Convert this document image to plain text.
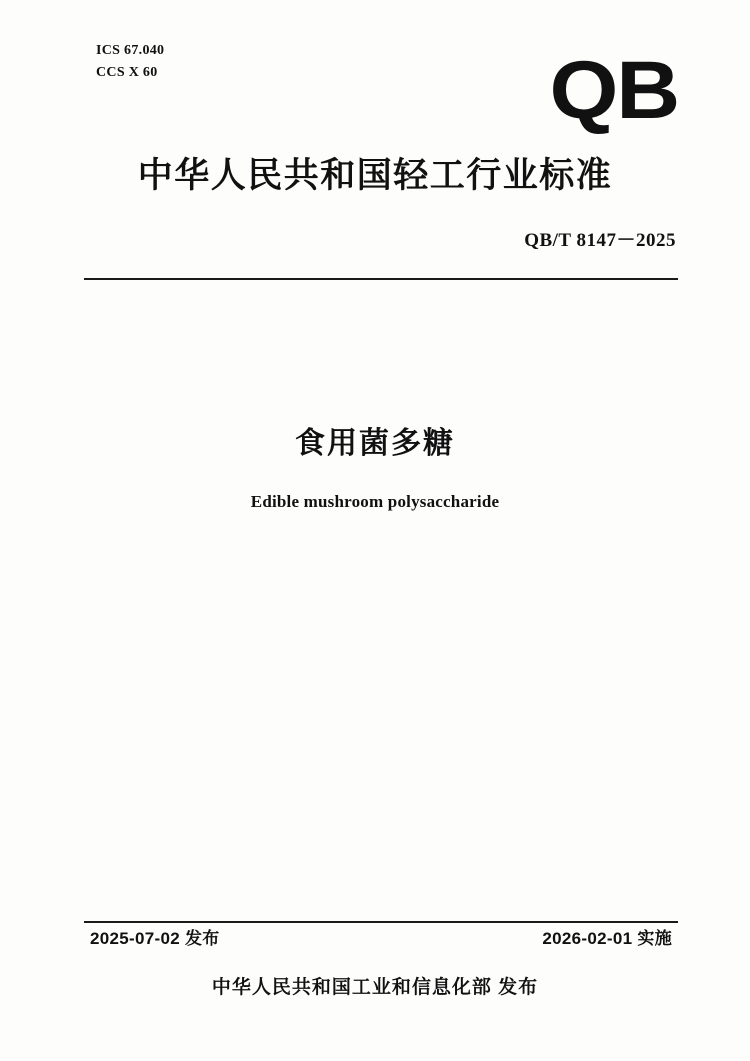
ICS 67.040
CCS X 60	QB
中华人民共和国轻工行业标准
QB/T 8147－2025
食用菌多糖
Edible mushroom polysaccharide
2025-07-02 发布	2026-02-01 实施
中华人民共和国工业和信息化部 发布
